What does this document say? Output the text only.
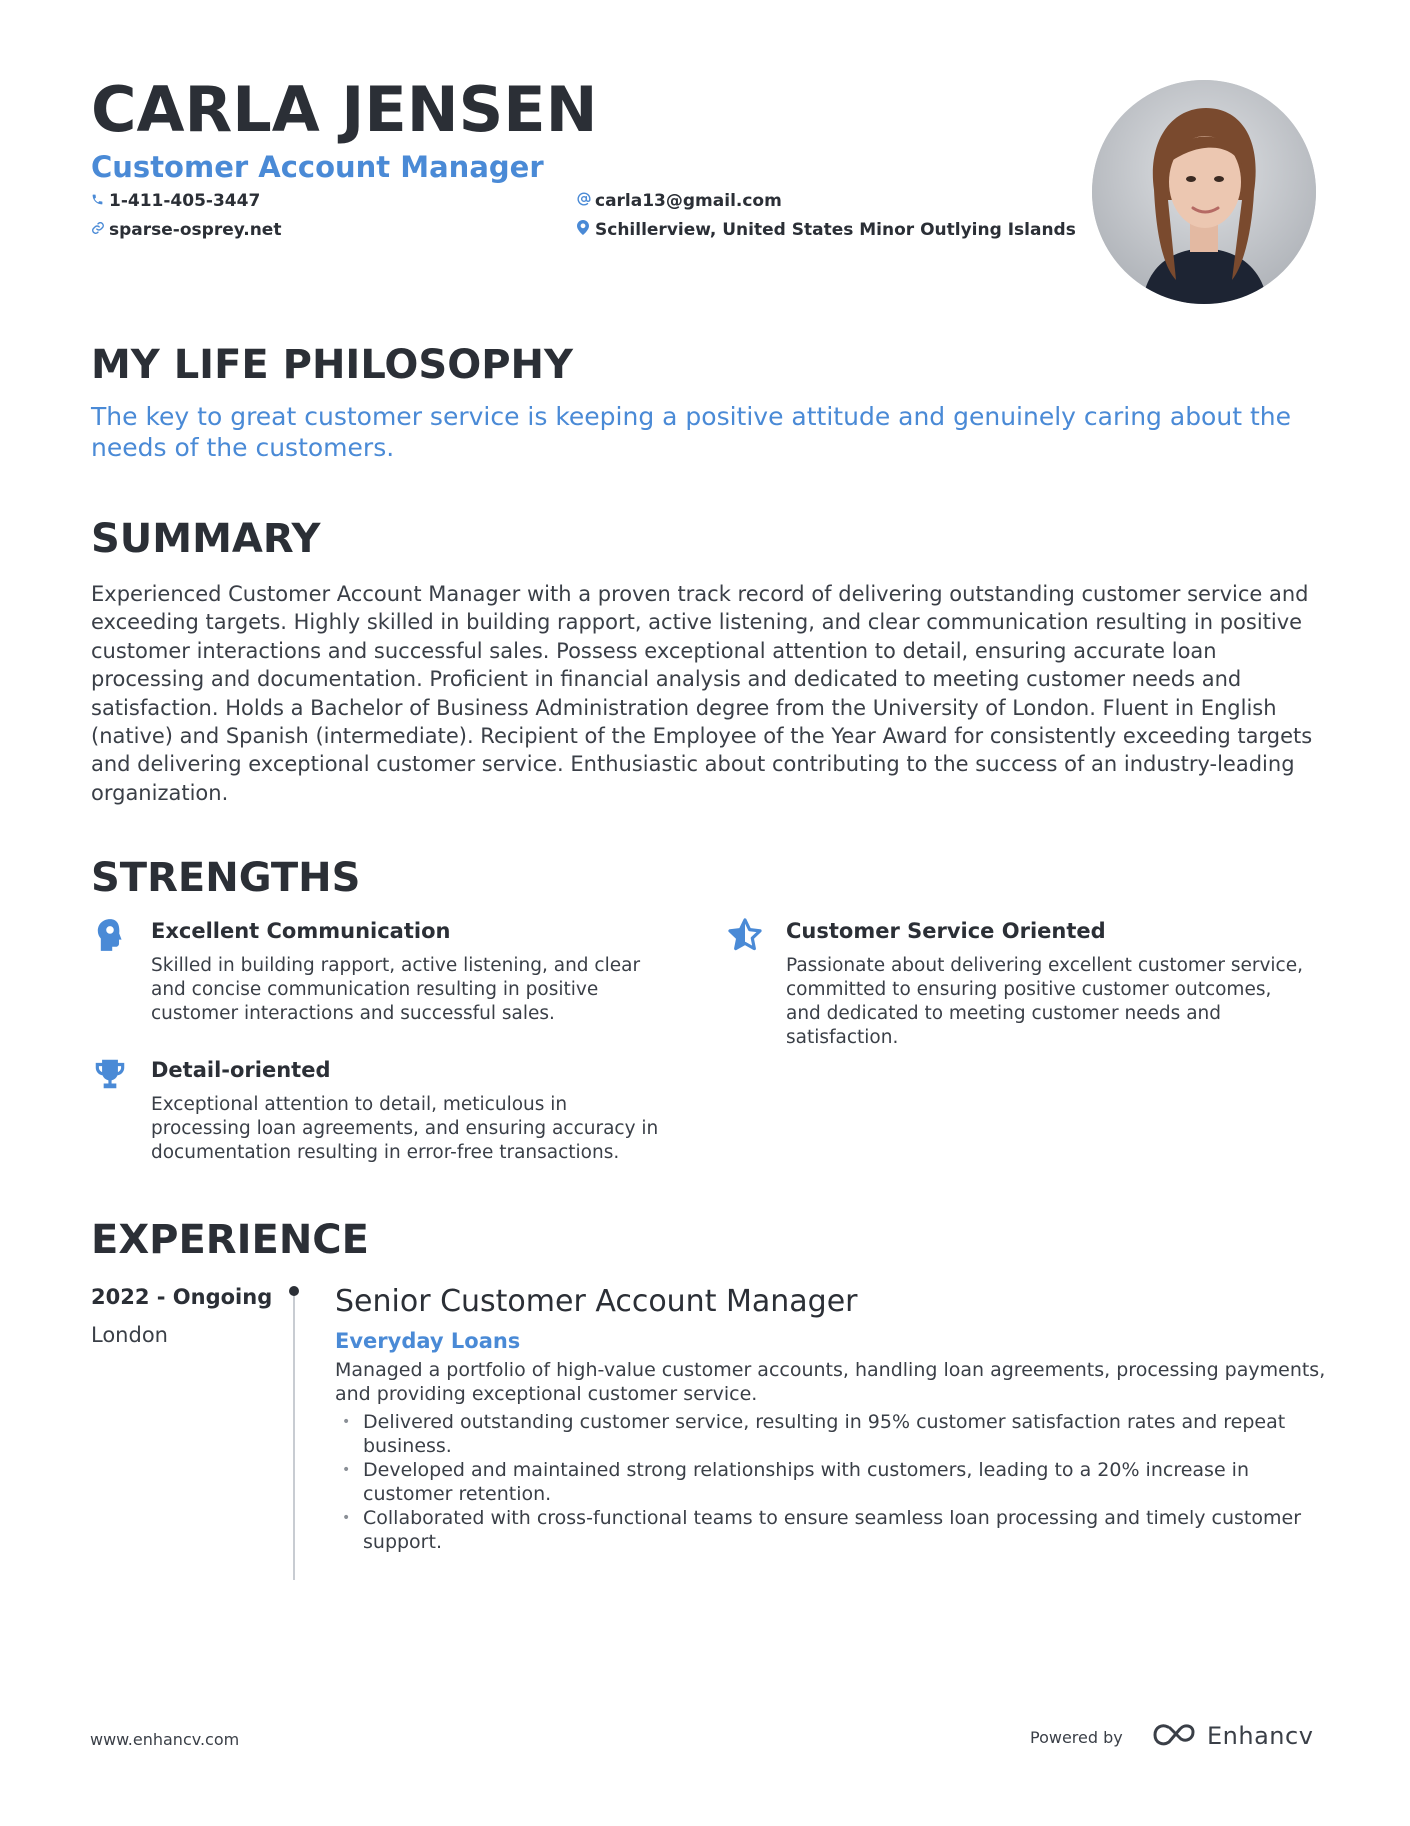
CARLA JENSEN
Customer Account Manager
1-411-405-3447
sparse-osprey.net
carla13@gmail.com
Schillerview, United States Minor Outlying Islands
MY LIFE PHILOSOPHY
The key to great customer service is keeping a positive attitude and genuinely caring about the needs of the customers.
SUMMARY
Experienced Customer Account Manager with a proven track record of delivering outstanding customer service and exceeding targets. Highly skilled in building rapport, active listening, and clear communication resulting in positive customer interactions and successful sales. Possess exceptional attention to detail, ensuring accurate loan processing and documentation. Proficient in financial analysis and dedicated to meeting customer needs and satisfaction. Holds a Bachelor of Business Administration degree from the University of London. Fluent in English (native) and Spanish (intermediate). Recipient of the Employee of the Year Award for consistently exceeding targets and delivering exceptional customer service. Enthusiastic about contributing to the success of an industry-leading organization.
STRENGTHS
Excellent Communication
Skilled in building rapport, active listening, and clear and concise communication resulting in positive customer interactions and successful sales.
Customer Service Oriented
Passionate about delivering excellent customer service, committed to ensuring positive customer outcomes, and dedicated to meeting customer needs and satisfaction.
Detail-oriented
Exceptional attention to detail, meticulous in processing loan agreements, and ensuring accuracy in documentation resulting in error-free transactions.
EXPERIENCE
2022 - Ongoing
London
Senior Customer Account Manager
Everyday Loans
Managed a portfolio of high-value customer accounts, handling loan agreements, processing payments, and providing exceptional customer service.
• Delivered outstanding customer service, resulting in 95% customer satisfaction rates and repeat business.
• Developed and maintained strong relationships with customers, leading to a 20% increase in customer retention.
• Collaborated with cross-functional teams to ensure seamless loan processing and timely customer support.
www.enhancv.com	Powered by	Enhancv
